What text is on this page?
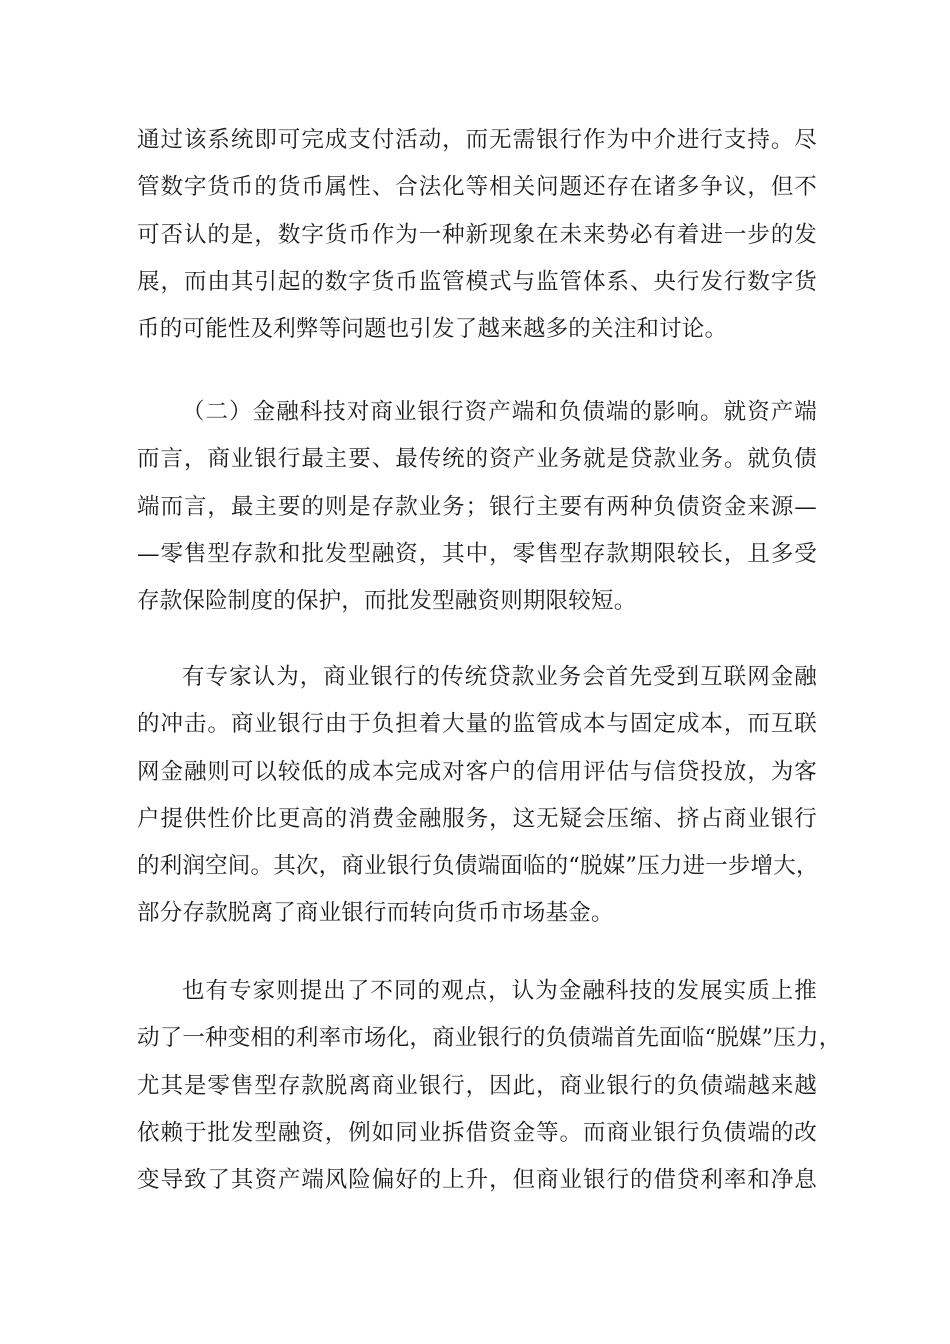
通过该系统即可完成支付活动，而无需银行作为中介进行支持。尽
管数字货币的货币属性、合法化等相关问题还存在诸多争议，但不
可否认的是，数字货币作为一种新现象在未来势必有着进一步的发
展，而由其引起的数字货币监管模式与监管体系、央行发行数字货
币的可能性及利弊等问题也引发了越来越多的关注和讨论。
（二）金融科技对商业银行资产端和负债端的影响。就资产端
而言，商业银行最主要、最传统的资产业务就是贷款业务。就负债
端而言，最主要的则是存款业务；银行主要有两种负债资金来源—
—零售型存款和批发型融资，其中，零售型存款期限较长，且多受
存款保险制度的保护，而批发型融资则期限较短。
有专家认为，商业银行的传统贷款业务会首先受到互联网金融
的冲击。商业银行由于负担着大量的监管成本与固定成本，而互联
网金融则可以较低的成本完成对客户的信用评估与信贷投放，为客
户提供性价比更高的消费金融服务，这无疑会压缩、挤占商业银行
的利润空间。其次，商业银行负债端面临的“脱媒”压力进一步增大，
部分存款脱离了商业银行而转向货币市场基金。
也有专家则提出了不同的观点，认为金融科技的发展实质上推
动了一种变相的利率市场化，商业银行的负债端首先面临“脱媒”压力，
尤其是零售型存款脱离商业银行，因此，商业银行的负债端越来越
依赖于批发型融资，例如同业拆借资金等。而商业银行负债端的改
变导致了其资产端风险偏好的上升，但商业银行的借贷利率和净息
